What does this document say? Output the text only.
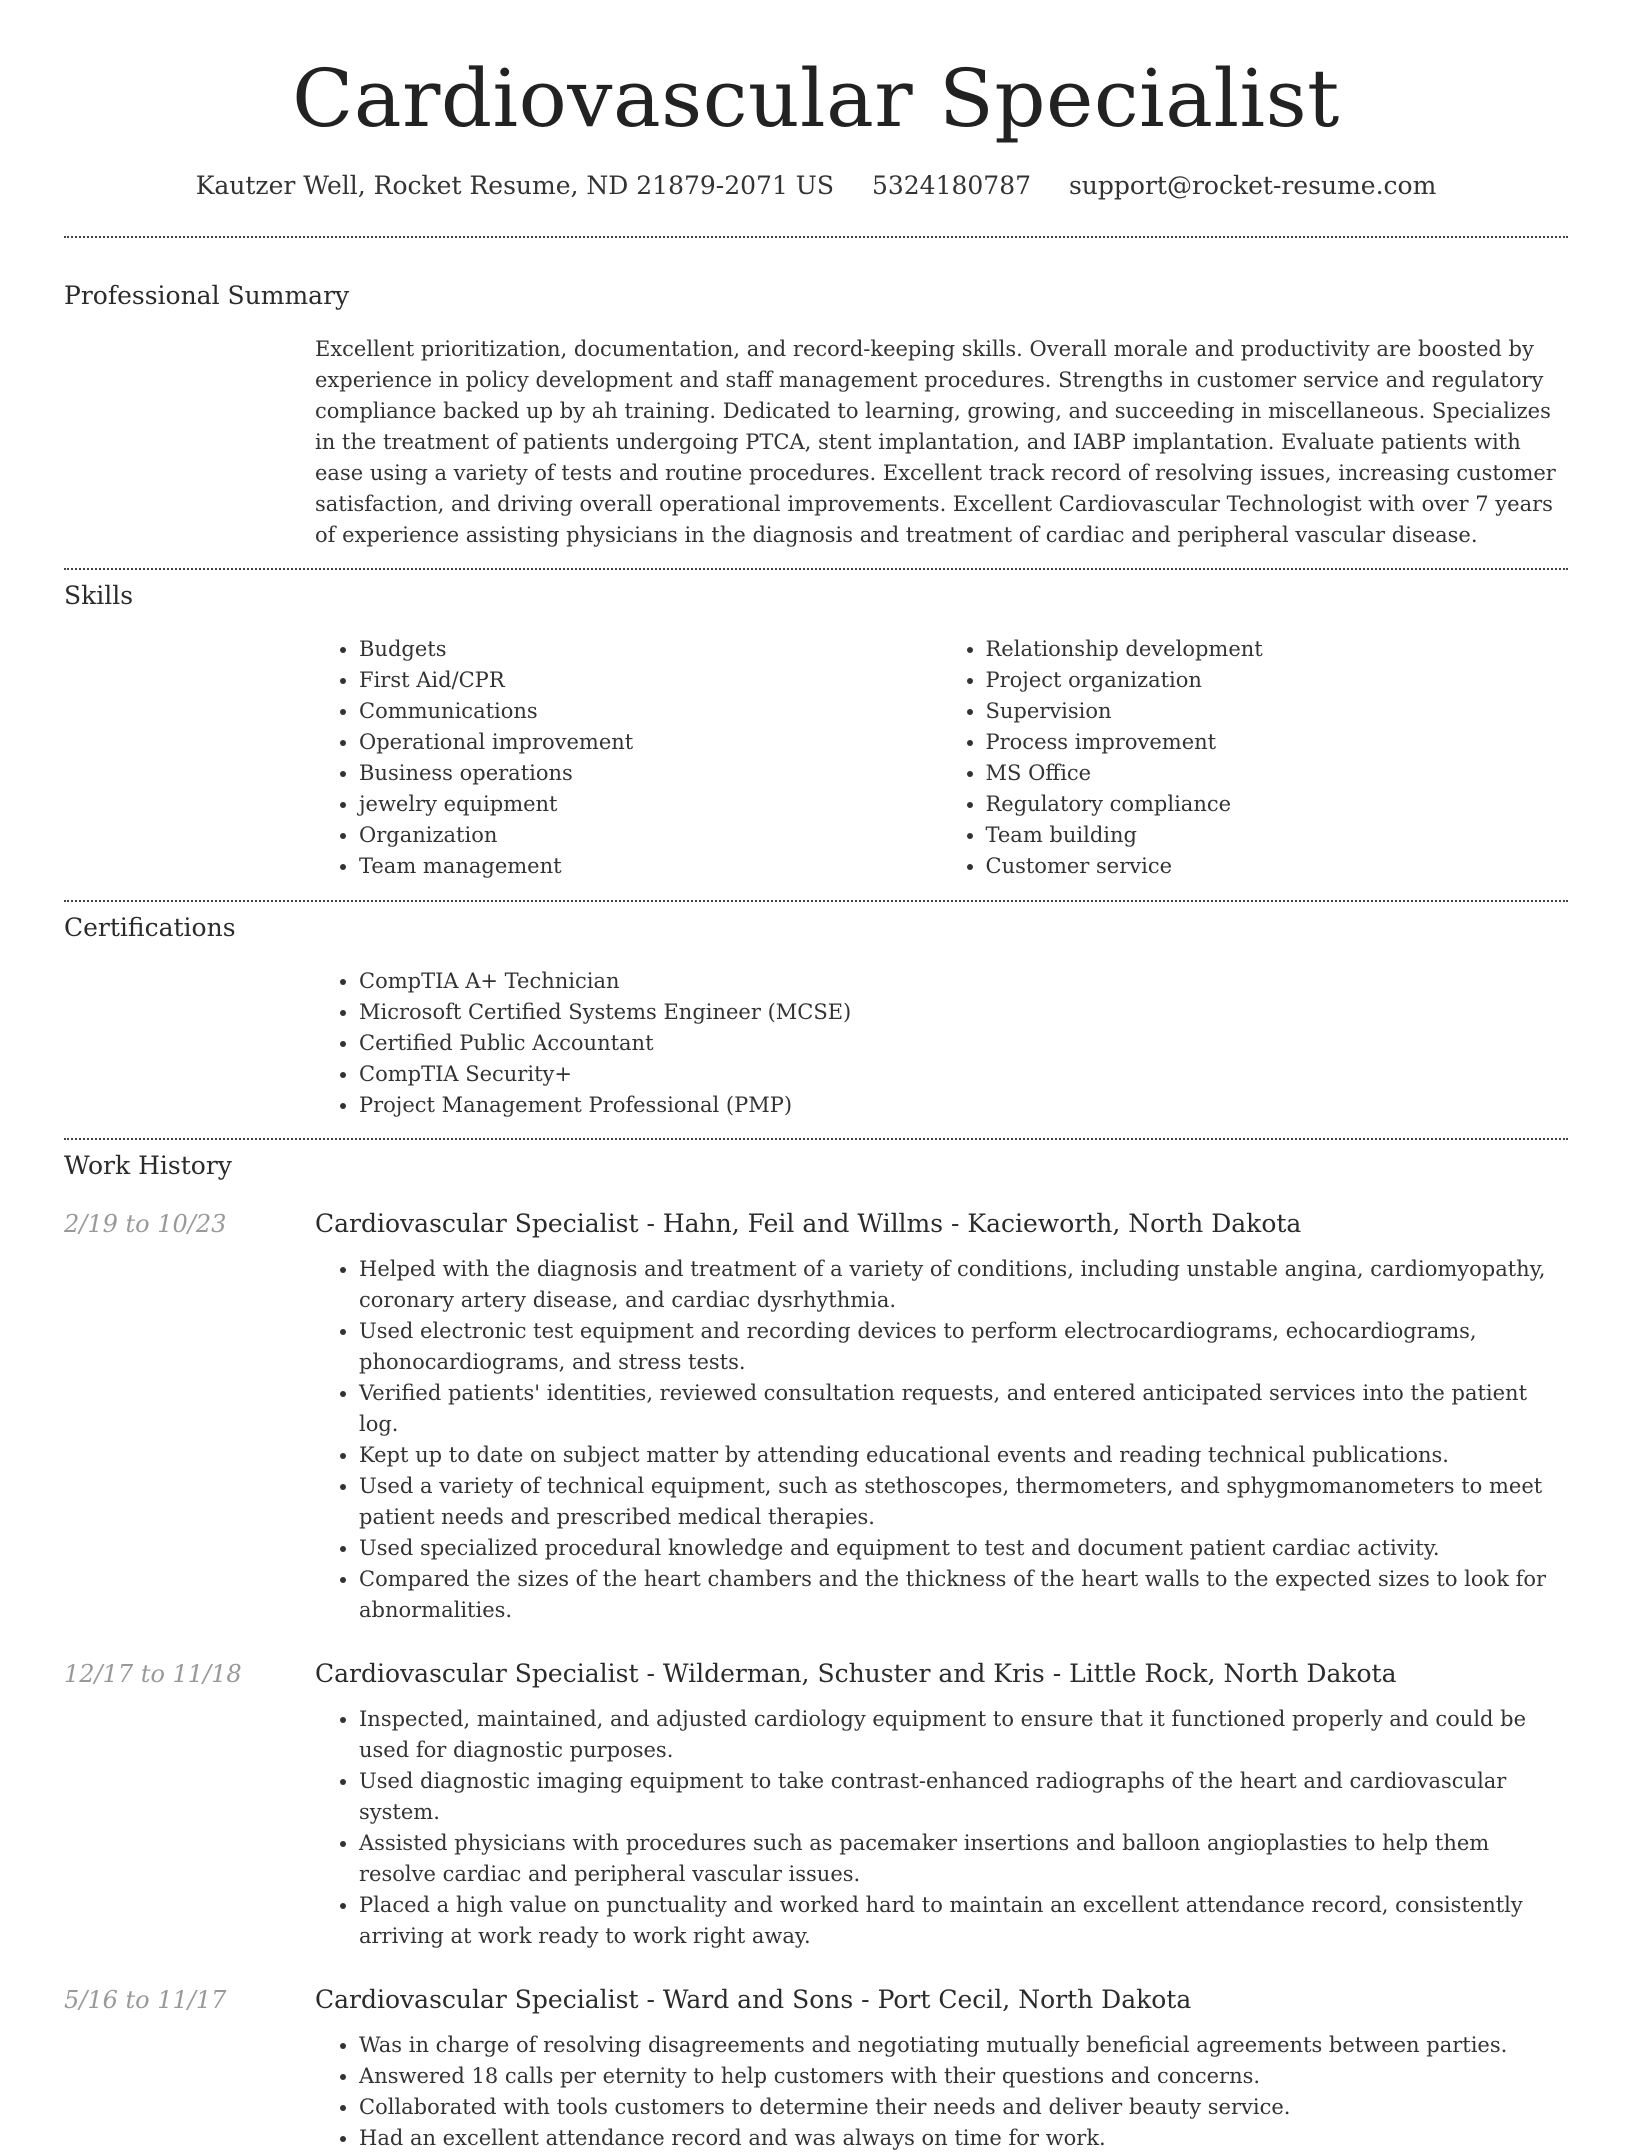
Cardiovascular Specialist
Kautzer Well, Rocket Resume, ND 21879-2071 US 5324180787 support@rocket-resume.com
Professional Summary

Excellent prioritization, documentation, and record-keeping skills. Overall morale and productivity are boosted by experience in policy development and staff management procedures. Strengths in customer service and regulatory compliance backed up by ah training. Dedicated to learning, growing, and succeeding in miscellaneous. Specializes in the treatment of patients undergoing PTCA, stent implantation, and IABP implantation. Evaluate patients with ease using a variety of tests and routine procedures. Excellent track record of resolving issues, increasing customer satisfaction, and driving overall operational improvements. Excellent Cardiovascular Technologist with over 7 years of experience assisting physicians in the diagnosis and treatment of cardiac and peripheral vascular disease.

Skills
• Budgets
• First Aid/CPR
• Communications
• Operational improvement
• Business operations
• jewelry equipment
• Organization
• Team management
• Relationship development
• Project organization
• Supervision
• Process improvement
• MS Office
• Regulatory compliance
• Team building
• Customer service
Certifications
• CompTIA A+ Technician
• Microsoft Certified Systems Engineer (MCSE)
• Certified Public Accountant
• CompTIA Security+
• Project Management Professional (PMP)
Work History
2/19 to 10/23	Cardiovascular Specialist - Hahn, Feil and Willms - Kacieworth, North Dakota
• Helped with the diagnosis and treatment of a variety of conditions, including unstable angina, cardiomyopathy, coronary artery disease, and cardiac dysrhythmia.
• Used electronic test equipment and recording devices to perform electrocardiograms, echocardiograms, phonocardiograms, and stress tests.
• Verified patients' identities, reviewed consultation requests, and entered anticipated services into the patient log.
• Kept up to date on subject matter by attending educational events and reading technical publications.
• Used a variety of technical equipment, such as stethoscopes, thermometers, and sphygmomanometers to meet patient needs and prescribed medical therapies.
• Used specialized procedural knowledge and equipment to test and document patient cardiac activity.
• Compared the sizes of the heart chambers and the thickness of the heart walls to the expected sizes to look for abnormalities.
12/17 to 11/18	Cardiovascular Specialist - Wilderman, Schuster and Kris - Little Rock, North Dakota
• Inspected, maintained, and adjusted cardiology equipment to ensure that it functioned properly and could be used for diagnostic purposes.
• Used diagnostic imaging equipment to take contrast-enhanced radiographs of the heart and cardiovascular system.
• Assisted physicians with procedures such as pacemaker insertions and balloon angioplasties to help them resolve cardiac and peripheral vascular issues.
• Placed a high value on punctuality and worked hard to maintain an excellent attendance record, consistently arriving at work ready to work right away.
5/16 to 11/17	Cardiovascular Specialist - Ward and Sons - Port Cecil, North Dakota
• Was in charge of resolving disagreements and negotiating mutually beneficial agreements between parties.
• Answered 18 calls per eternity to help customers with their questions and concerns.
• Collaborated with tools customers to determine their needs and deliver beauty service.
• Had an excellent attendance record and was always on time for work.
